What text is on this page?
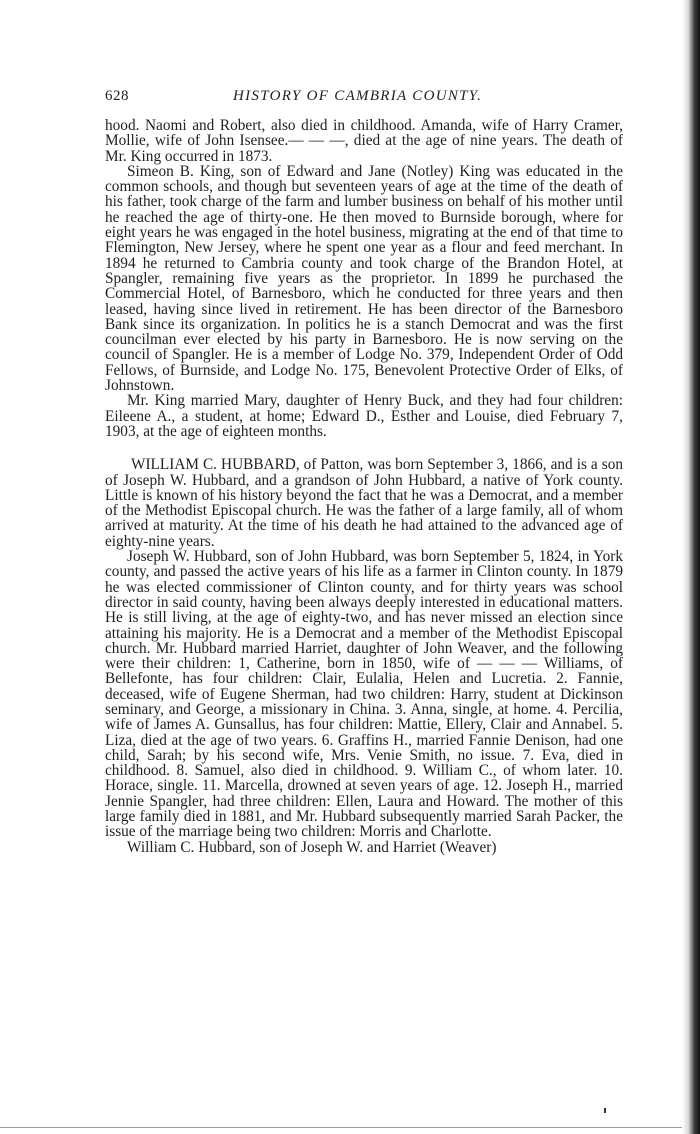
628	HISTORY OF CAMBRIA COUNTY.

hood. Naomi and Robert, also died in childhood. Amanda, wife of Harry Cramer, Mollie, wife of John Isensee.— — —, died at the age of nine years. The death of Mr. King occurred in 1873.

Simeon B. King, son of Edward and Jane (Notley) King was educated in the common schools, and though but seventeen years of age at the time of the death of his father, took charge of the farm and lumber business on behalf of his mother until he reached the age of thirty-one. He then moved to Burnside borough, where for eight years he was engaged in the hotel business, migrating at the end of that time to Flemington, New Jersey, where he spent one year as a flour and feed merchant. In 1894 he returned to Cambria county and took charge of the Brandon Hotel, at Spangler, remaining five years as the proprietor. In 1899 he purchased the Commercial Hotel, of Barnesboro, which he conducted for three years and then leased, having since lived in retirement. He has been director of the Barnesboro Bank since its organization. In politics he is a stanch Democrat and was the first councilman ever elected by his party in Barnesboro. He is now serving on the council of Spangler. He is a member of Lodge No. 379, Independent Order of Odd Fellows, of Burnside, and Lodge No. 175, Benevolent Protective Order of Elks, of Johnstown.

Mr. King married Mary, daughter of Henry Buck, and they had four children: Eileene A., a student, at home; Edward D., Esther and Louise, died February 7, 1903, at the age of eighteen months.

WILLIAM C. HUBBARD, of Patton, was born September 3, 1866, and is a son of Joseph W. Hubbard, and a grandson of John Hubbard, a native of York county. Little is known of his history beyond the fact that he was a Democrat, and a member of the Methodist Episcopal church. He was the father of a large family, all of whom arrived at maturity. At the time of his death he had attained to the advanced age of eighty-nine years.

Joseph W. Hubbard, son of John Hubbard, was born September 5, 1824, in York county, and passed the active years of his life as a farmer in Clinton county. In 1879 he was elected commissioner of Clinton county, and for thirty years was school director in said county, having been always deeply interested in educational matters. He is still living, at the age of eighty-two, and has never missed an election since attaining his majority. He is a Democrat and a member of the Methodist Episcopal church. Mr. Hubbard married Harriet, daughter of John Weaver, and the following were their children: 1, Catherine, born in 1850, wife of — — — Williams, of Bellefonte, has four children: Clair, Eulalia, Helen and Lucretia. 2. Fannie, deceased, wife of Eugene Sherman, had two children: Harry, student at Dickinson seminary, and George, a missionary in China. 3. Anna, single, at home. 4. Percilia, wife of James A. Gunsallus, has four children: Mattie, Ellery, Clair and Annabel. 5. Liza, died at the age of two years. 6. Graffins H., married Fannie Denison, had one child, Sarah; by his second wife, Mrs. Venie Smith, no issue. 7. Eva, died in childhood. 8. Samuel, also died in childhood. 9. William C., of whom later. 10. Horace, single. 11. Marcella, drowned at seven years of age. 12. Joseph H., married Jennie Spangler, had three children: Ellen, Laura and Howard. The mother of this large family died in 1881, and Mr. Hubbard subsequently married Sarah Packer, the issue of the marriage being two children: Morris and Charlotte.

William C. Hubbard, son of Joseph W. and Harriet (Weaver)
